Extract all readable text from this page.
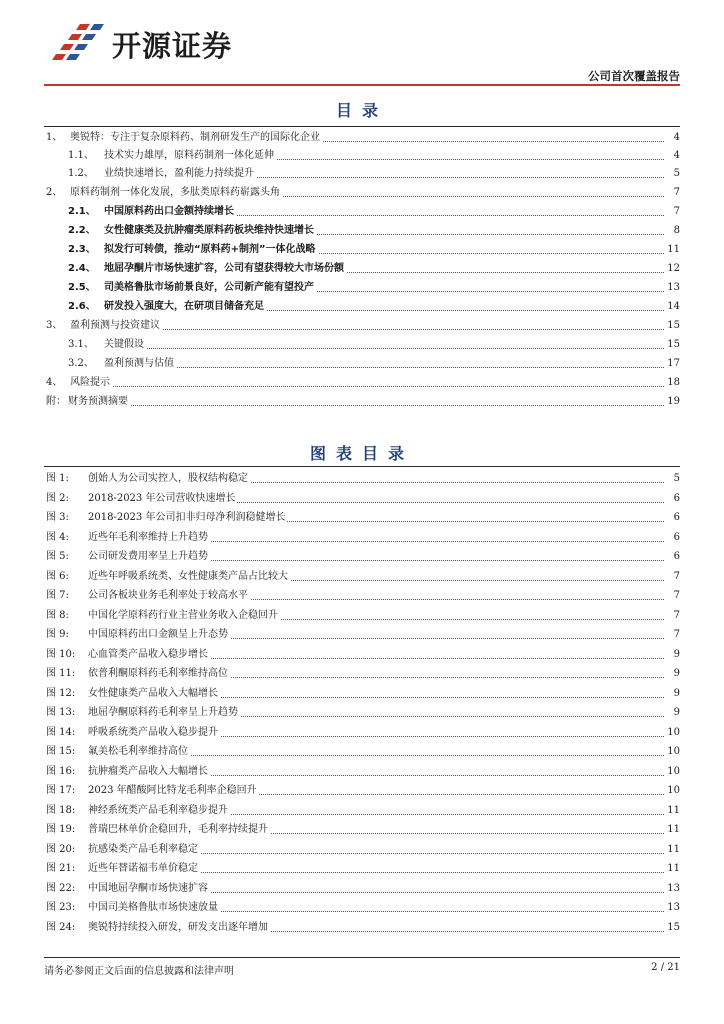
开源证券
公司首次覆盖报告
目录
1、 奥锐特：专注于复杂原料药、制剂研发生产的国际化企业	4
1.1、 技术实力雄厚，原料药制剂一体化延伸	4
1.2、 业绩快速增长，盈利能力持续提升	5
2、 原料药制剂一体化发展，多肽类原料药崭露头角	7
2.1、 中国原料药出口金额持续增长	7
2.2、 女性健康类及抗肿瘤类原料药板块维持快速增长	8
2.3、 拟发行可转债，推动“原料药+制剂”一体化战略	11
2.4、 地屈孕酮片市场快速扩容，公司有望获得较大市场份额	12
2.5、 司美格鲁肽市场前景良好，公司新产能有望投产	13
2.6、 研发投入强度大，在研项目储备充足	14
3、 盈利预测与投资建议	15
3.1、 关键假设	15
3.2、 盈利预测与估值	17
4、 风险提示	18
附： 财务预测摘要	19
图表目录
图 1: 创始人为公司实控人，股权结构稳定	5
图 2: 2018-2023 年公司营收快速增长	6
图 3: 2018-2023 年公司扣非归母净利润稳健增长	6
图 4: 近些年毛利率维持上升趋势	6
图 5: 公司研发费用率呈上升趋势	6
图 6: 近些年呼吸系统类、女性健康类产品占比较大	7
图 7: 公司各板块业务毛利率处于较高水平	7
图 8: 中国化学原料药行业主营业务收入企稳回升	7
图 9: 中国原料药出口金额呈上升态势	7
图 10: 心血管类产品收入稳步增长	9
图 11: 依普利酮原料药毛利率维持高位	9
图 12: 女性健康类产品收入大幅增长	9
图 13: 地屈孕酮原料药毛利率呈上升趋势	9
图 14: 呼吸系统类产品收入稳步提升	10
图 15: 氟美松毛利率维持高位	10
图 16: 抗肿瘤类产品收入大幅增长	10
图 17: 2023 年醋酸阿比特龙毛利率企稳回升	10
图 18: 神经系统类产品毛利率稳步提升	11
图 19: 普瑞巴林单价企稳回升，毛利率持续提升	11
图 20: 抗感染类产品毛利率稳定	11
图 21: 近些年替诺福韦单价稳定	11
图 22: 中国地屈孕酮市场快速扩容	13
图 23: 中国司美格鲁肽市场快速放量	13
图 24: 奥锐特持续投入研发，研发支出逐年增加	15
请务必参阅正文后面的信息披露和法律声明	2 / 21
